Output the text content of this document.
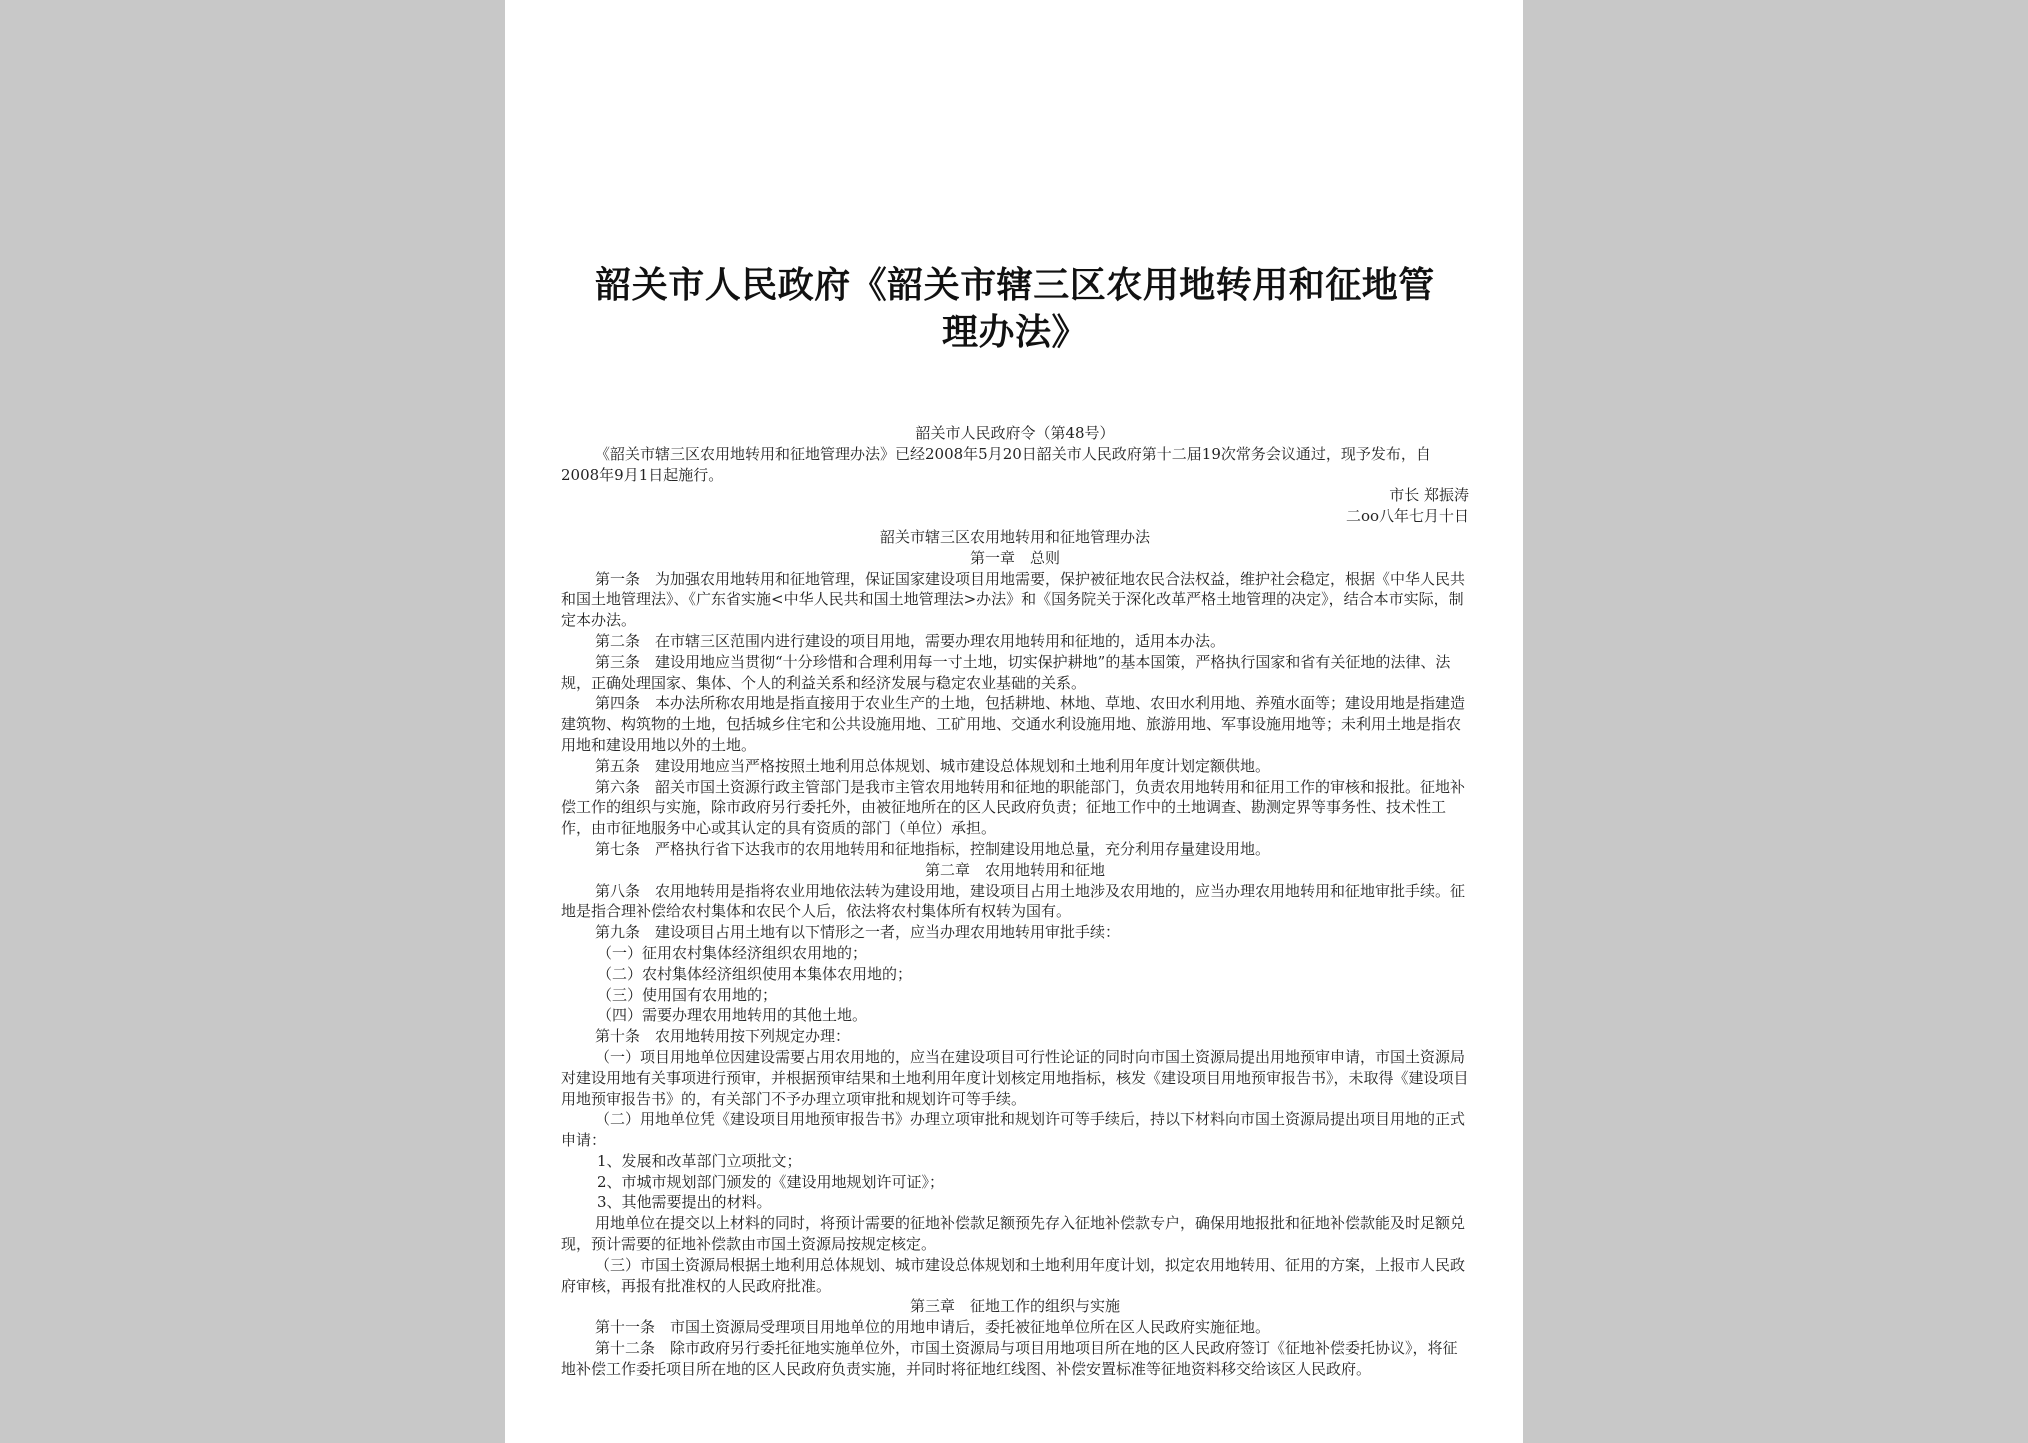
韶关市人民政府《韶关市辖三区农用地转用和征地管理办法》

韶关市人民政府令（第48号）

《韶关市辖三区农用地转用和征地管理办法》已经2008年5月20日韶关市人民政府第十二届19次常务会议通过，现予发布，自2008年9月1日起施行。

市长 郑振涛

二oo八年七月十日

韶关市辖三区农用地转用和征地管理办法

第一章　总则

第一条　为加强农用地转用和征地管理，保证国家建设项目用地需要，保护被征地农民合法权益，维护社会稳定，根据《中华人民共和国土地管理法》、《广东省实施<中华人民共和国土地管理法>办法》和《国务院关于深化改革严格土地管理的决定》，结合本市实际，制定本办法。

第二条　在市辖三区范围内进行建设的项目用地，需要办理农用地转用和征地的，适用本办法。

第三条　建设用地应当贯彻“十分珍惜和合理利用每一寸土地，切实保护耕地”的基本国策，严格执行国家和省有关征地的法律、法规，正确处理国家、集体、个人的利益关系和经济发展与稳定农业基础的关系。

第四条　本办法所称农用地是指直接用于农业生产的土地，包括耕地、林地、草地、农田水利用地、养殖水面等；建设用地是指建造建筑物、构筑物的土地，包括城乡住宅和公共设施用地、工矿用地、交通水利设施用地、旅游用地、军事设施用地等；未利用土地是指农用地和建设用地以外的土地。

第五条　建设用地应当严格按照土地利用总体规划、城市建设总体规划和土地利用年度计划定额供地。

第六条　韶关市国土资源行政主管部门是我市主管农用地转用和征地的职能部门，负责农用地转用和征用工作的审核和报批。征地补偿工作的组织与实施，除市政府另行委托外，由被征地所在的区人民政府负责；征地工作中的土地调查、勘测定界等事务性、技术性工作，由市征地服务中心或其认定的具有资质的部门（单位）承担。

第七条　严格执行省下达我市的农用地转用和征地指标，控制建设用地总量，充分利用存量建设用地。

第二章　农用地转用和征地

第八条　农用地转用是指将农业用地依法转为建设用地，建设项目占用土地涉及农用地的，应当办理农用地转用和征地审批手续。征地是指合理补偿给农村集体和农民个人后，依法将农村集体所有权转为国有。

第九条　建设项目占用土地有以下情形之一者，应当办理农用地转用审批手续：

（一）征用农村集体经济组织农用地的；

（二）农村集体经济组织使用本集体农用地的；

（三）使用国有农用地的；

（四）需要办理农用地转用的其他土地。

第十条　农用地转用按下列规定办理：

（一）项目用地单位因建设需要占用农用地的，应当在建设项目可行性论证的同时向市国土资源局提出用地预审申请，市国土资源局对建设用地有关事项进行预审，并根据预审结果和土地利用年度计划核定用地指标，核发《建设项目用地预审报告书》，未取得《建设项目用地预审报告书》的，有关部门不予办理立项审批和规划许可等手续。

（二）用地单位凭《建设项目用地预审报告书》办理立项审批和规划许可等手续后，持以下材料向市国土资源局提出项目用地的正式申请：

1、发展和改革部门立项批文；

2、市城市规划部门颁发的《建设用地规划许可证》；

3、其他需要提出的材料。

用地单位在提交以上材料的同时，将预计需要的征地补偿款足额预先存入征地补偿款专户，确保用地报批和征地补偿款能及时足额兑现，预计需要的征地补偿款由市国土资源局按规定核定。

（三）市国土资源局根据土地利用总体规划、城市建设总体规划和土地利用年度计划，拟定农用地转用、征用的方案，上报市人民政府审核，再报有批准权的人民政府批准。

第三章　征地工作的组织与实施

第十一条　市国土资源局受理项目用地单位的用地申请后，委托被征地单位所在区人民政府实施征地。

第十二条　除市政府另行委托征地实施单位外，市国土资源局与项目用地项目所在地的区人民政府签订《征地补偿委托协议》，将征地补偿工作委托项目所在地的区人民政府负责实施，并同时将征地红线图、补偿安置标准等征地资料移交给该区人民政府。
